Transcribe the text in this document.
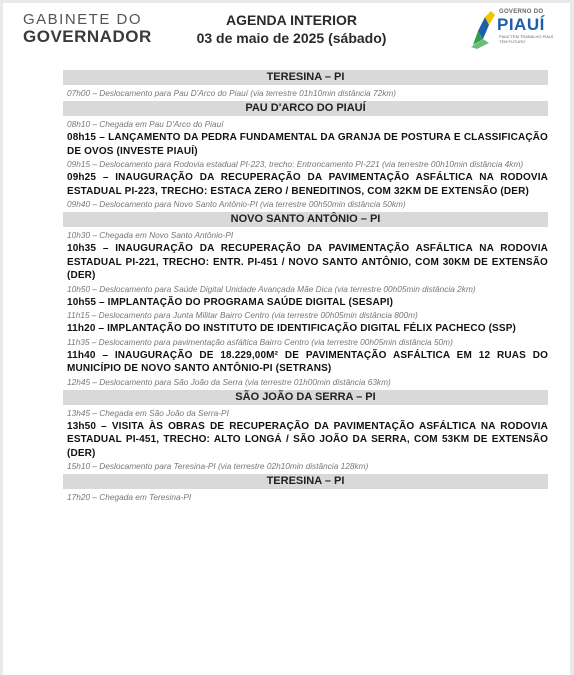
GABINETE DO
GOVERNADOR
AGENDA INTERIOR
03 de maio de 2025 (sábado)
GOVERNO DO
PIAUÍ
PIAUÍ TEM TRABALHO PIAUÍ TEM FUTURO
TERESINA – PI
07h00 – Deslocamento para Pau D'Arco do Piauí (via terrestre 01h10min distância 72km)
PAU D'ARCO DO PIAUÍ
08h10 – Chegada em Pau D'Arco do Piauí
08h15 – LANÇAMENTO DA PEDRA FUNDAMENTAL DA GRANJA DE POSTURA E CLASSIFICAÇÃO DE OVOS (INVESTE PIAUÍ)
09h15 – Deslocamento para Rodovia estadual PI-223, trecho: Entroncamento PI-221 (via terrestre 00h10min distância 4km)
09h25 – INAUGURAÇÃO DA RECUPERAÇÃO DA PAVIMENTAÇÃO ASFÁLTICA NA RODOVIA ESTADUAL PI-223, TRECHO: ESTACA ZERO / BENEDITINOS, COM 32KM DE EXTENSÃO (DER)
09h40 – Deslocamento para Novo Santo Antônio-PI (via terrestre 00h50min distância 50km)
NOVO SANTO ANTÔNIO – PI
10h30 – Chegada em Novo Santo Antônio-PI
10h35 – INAUGURAÇÃO DA RECUPERAÇÃO DA PAVIMENTAÇÃO ASFÁLTICA NA RODOVIA ESTADUAL PI-221, TRECHO: ENTR. PI-451 / NOVO SANTO ANTÔNIO, COM 30KM DE EXTENSÃO (DER)
10h50 – Deslocamento para Saúde Digital Unidade Avançada Mãe Dica (via terrestre 00h05min distância 2km)
10h55 – IMPLANTAÇÃO DO PROGRAMA SAÚDE DIGITAL (SESAPI)
11h15 – Deslocamento para Junta Militar Bairro Centro (via terrestre 00h05min distância 800m)
11h20 – IMPLANTAÇÃO DO INSTITUTO DE IDENTIFICAÇÃO DIGITAL FÉLIX PACHECO (SSP)
11h35 – Deslocamento para pavimentação asfáltica Bairro Centro (via terrestre 00h05min distância 50m)
11h40 – INAUGURAÇÃO DE 18.229,00M² DE PAVIMENTAÇÃO ASFÁLTICA EM 12 RUAS DO MUNICÍPIO DE NOVO SANTO ANTÔNIO-PI (SETRANS)
12h45 – Deslocamento para São João da Serra (via terrestre 01h00min distância 63km)
SÃO JOÃO DA SERRA – PI
13h45 – Chegada em São João da Serra-PI
13h50 – VISITA ÀS OBRAS DE RECUPERAÇÃO DA PAVIMENTAÇÃO ASFÁLTICA NA RODOVIA ESTADUAL PI-451, TRECHO: ALTO LONGÁ / SÃO JOÃO DA SERRA, COM 53KM DE EXTENSÃO (DER)
15h10 – Deslocamento para Teresina-PI (via terrestre 02h10min distância 128km)
TERESINA – PI
17h20 – Chegada em Teresina-PI
